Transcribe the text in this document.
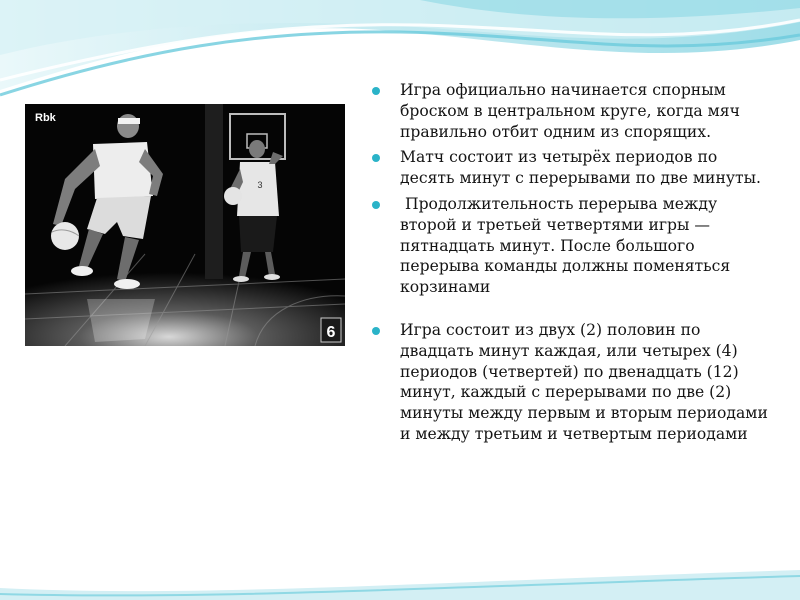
3
Rbk
6
Игра официально начинается спорным броском в центральном круге, когда мяч правильно отбит одним из спорящих.
Матч состоит из четырёх периодов по десять минут с перерывами по две минуты.
Продолжительность перерыва между второй и третьей четвертями игры — пятнадцать минут. После большого перерыва команды должны поменяться корзинами
Игра состоит из двух (2) половин по двадцать минут каждая, или четырех (4) периодов (четвертей) по двенадцать (12) минут, каждый с перерывами по две (2) минуты между первым и вторым периодами и между третьим и четвертым периодами
